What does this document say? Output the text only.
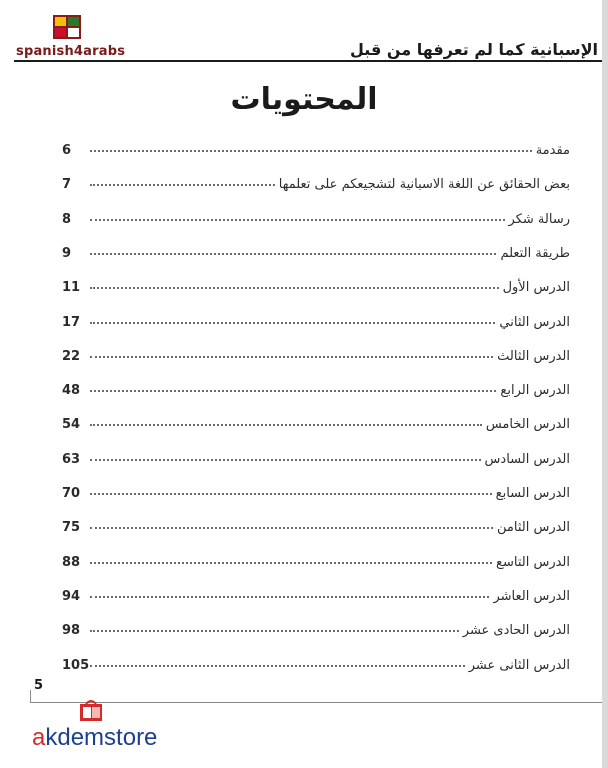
spanish4arabs	الإسبانية كما لم تعرفها من قبل
المحتويات
6	مقدمة
7	بعض الحقائق عن اللغة الاسبانية لتشجيعكم على تعلمها
8	رسالة شكر
9	طريقة التعلم
11	الدرس الأول
17	الدرس الثاني
22	الدرس الثالث
48	الدرس الرابع
54	الدرس الخامس
63	الدرس السادس
70	الدرس السابع
75	الدرس الثامن
88	الدرس التاسع
94	الدرس العاشر
98	الدرس الحادى عشر
105	الدرس الثانى عشر
5
akdemstore
